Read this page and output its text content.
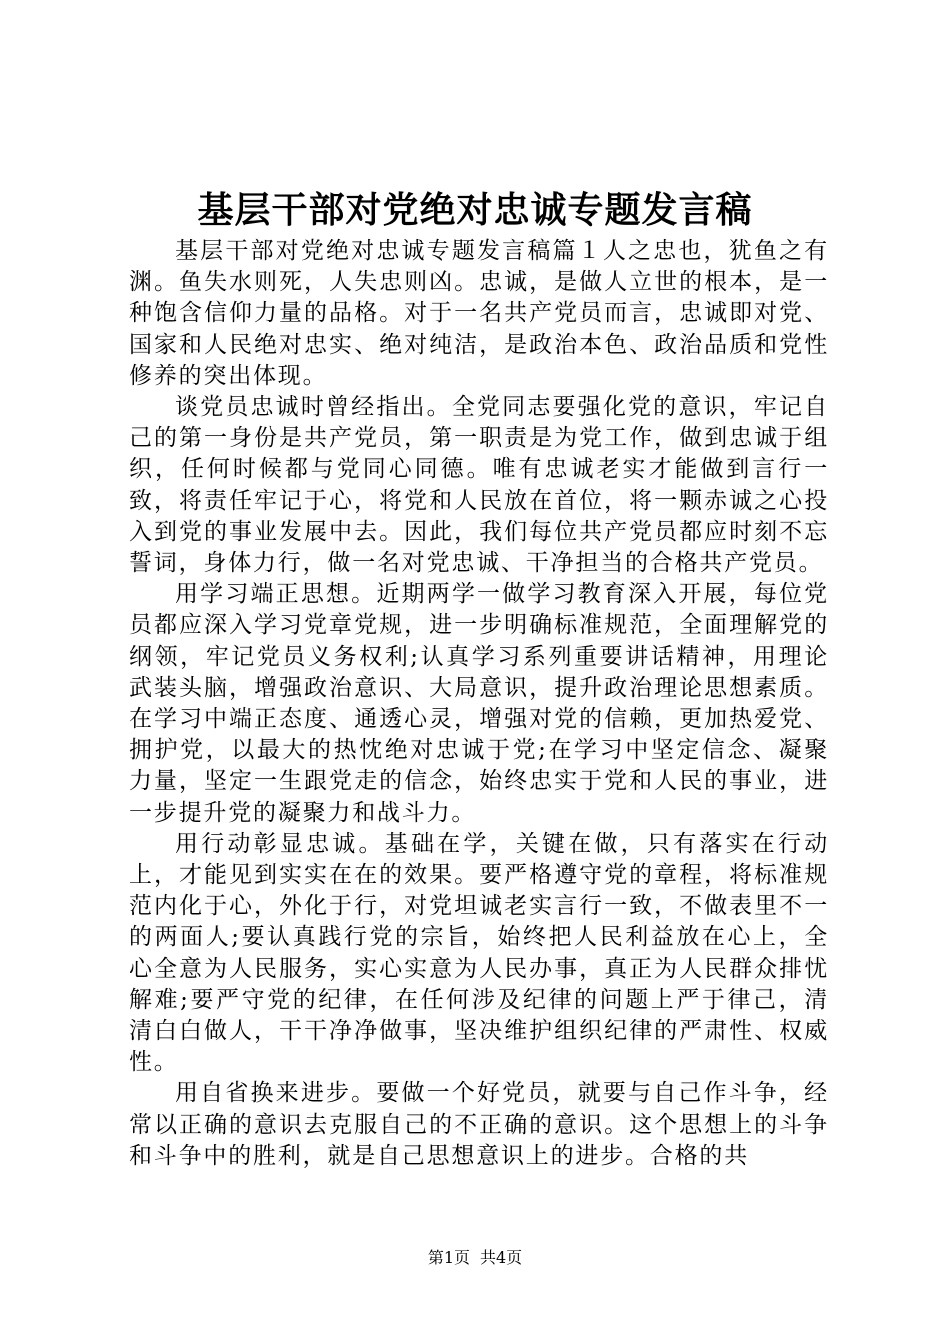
基层干部对党绝对忠诚专题发言稿

基层干部对党绝对忠诚专题发言稿篇１人之忠也，犹鱼之有渊。鱼失水则死，人失忠则凶。忠诚，是做人立世的根本，是一种饱含信仰力量的品格。对于一名共产党员而言，忠诚即对党、国家和人民绝对忠实、绝对纯洁，是政治本色、政治品质和党性修养的突出体现。

谈党员忠诚时曾经指出。全党同志要强化党的意识，牢记自己的第一身份是共产党员，第一职责是为党工作，做到忠诚于组织，任何时候都与党同心同德。唯有忠诚老实才能做到言行一致，将责任牢记于心，将党和人民放在首位，将一颗赤诚之心投入到党的事业发展中去。因此，我们每位共产党员都应时刻不忘誓词，身体力行，做一名对党忠诚、干净担当的合格共产党员。

用学习端正思想。近期两学一做学习教育深入开展，每位党员都应深入学习党章党规，进一步明确标准规范，全面理解党的纲领，牢记党员义务权利;认真学习系列重要讲话精神，用理论武装头脑，增强政治意识、大局意识，提升政治理论思想素质。在学习中端正态度、通透心灵，增强对党的信赖，更加热爱党、拥护党，以最大的热忱绝对忠诚于党;在学习中坚定信念、凝聚力量，坚定一生跟党走的信念，始终忠实于党和人民的事业，进一步提升党的凝聚力和战斗力。

用行动彰显忠诚。基础在学，关键在做，只有落实在行动上，才能见到实实在在的效果。要严格遵守党的章程，将标准规范内化于心，外化于行，对党坦诚老实言行一致，不做表里不一的两面人;要认真践行党的宗旨，始终把人民利益放在心上，全心全意为人民服务，实心实意为人民办事，真正为人民群众排忧解难;要严守党的纪律，在任何涉及纪律的问题上严于律己，清清白白做人，干干净净做事，坚决维护组织纪律的严肃性、权威性。

用自省换来进步。要做一个好党员，就要与自己作斗争，经常以正确的意识去克服自己的不正确的意识。这个思想上的斗争和斗争中的胜利，就是自己思想意识上的进步。合格的共

第1页 共4页
